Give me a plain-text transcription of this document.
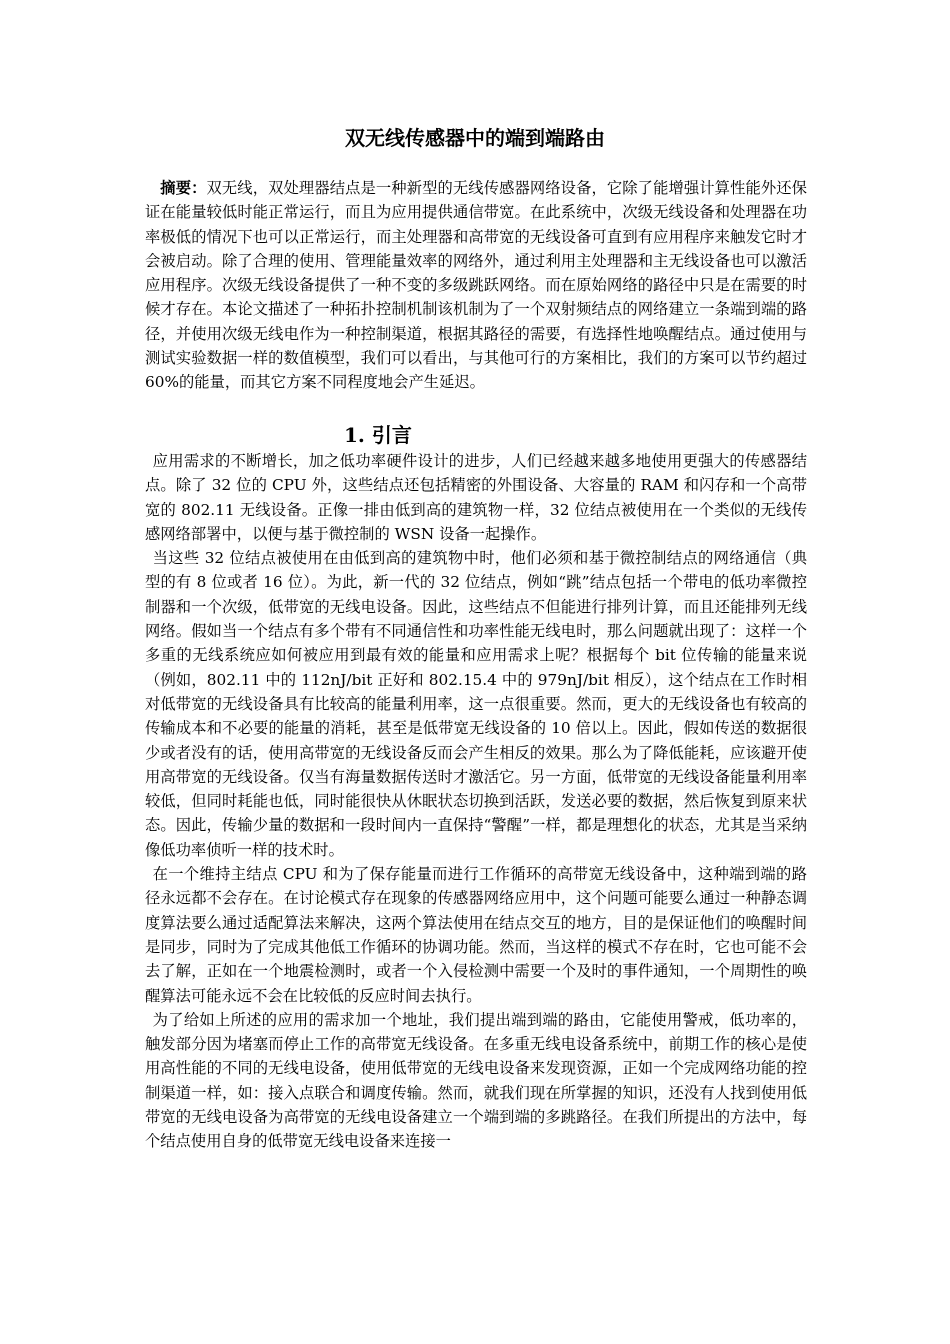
双无线传感器中的端到端路由

摘要：双无线，双处理器结点是一种新型的无线传感器网络设备，它除了能增强计算性能外还保证在能量较低时能正常运行，而且为应用提供通信带宽。在此系统中，次级无线设备和处理器在功率极低的情况下也可以正常运行，而主处理器和高带宽的无线设备可直到有应用程序来触发它时才会被启动。除了合理的使用、管理能量效率的网络外，通过利用主处理器和主无线设备也可以激活应用程序。次级无线设备提供了一种不变的多级跳跃网络。而在原始网络的路径中只是在需要的时候才存在。本论文描述了一种拓扑控制机制该机制为了一个双射频结点的网络建立一条端到端的路径，并使用次级无线电作为一种控制渠道，根据其路径的需要，有选择性地唤醒结点。通过使用与测试实验数据一样的数值模型，我们可以看出，与其他可行的方案相比，我们的方案可以节约超过 60%的能量，而其它方案不同程度地会产生延迟。

1. 引言

应用需求的不断增长，加之低功率硬件设计的进步，人们已经越来越多地使用更强大的传感器结点。除了 32 位的 CPU 外，这些结点还包括精密的外围设备、大容量的 RAM 和闪存和一个高带宽的 802.11 无线设备。正像一排由低到高的建筑物一样，32 位结点被使用在一个类似的无线传感网络部署中，以便与基于微控制的 WSN 设备一起操作。

当这些 32 位结点被使用在由低到高的建筑物中时，他们必须和基于微控制结点的网络通信（典型的有 8 位或者 16 位）。为此，新一代的 32 位结点，例如“跳”结点包括一个带电的低功率微控制器和一个次级，低带宽的无线电设备。因此，这些结点不但能进行排列计算，而且还能排列无线网络。假如当一个结点有多个带有不同通信性和功率性能无线电时，那么问题就出现了：这样一个多重的无线系统应如何被应用到最有效的能量和应用需求上呢？根据每个 bit 位传输的能量来说（例如，802.11 中的 112nJ/bit 正好和 802.15.4 中的 979nJ/bit 相反），这个结点在工作时相对低带宽的无线设备具有比较高的能量利用率，这一点很重要。然而，更大的无线设备也有较高的传输成本和不必要的能量的消耗，甚至是低带宽无线设备的 10 倍以上。因此，假如传送的数据很少或者没有的话，使用高带宽的无线设备反而会产生相反的效果。那么为了降低能耗，应该避开使用高带宽的无线设备。仅当有海量数据传送时才激活它。另一方面，低带宽的无线设备能量利用率较低，但同时耗能也低，同时能很快从休眠状态切换到活跃，发送必要的数据，然后恢复到原来状态。因此，传输少量的数据和一段时间内一直保持“警醒”一样，都是理想化的状态，尤其是当采纳像低功率侦听一样的技术时。

在一个维持主结点 CPU 和为了保存能量而进行工作循环的高带宽无线设备中，这种端到端的路径永远都不会存在。在讨论模式存在现象的传感器网络应用中，这个问题可能要么通过一种静态调度算法要么通过适配算法来解决，这两个算法使用在结点交互的地方，目的是保证他们的唤醒时间是同步，同时为了完成其他低工作循环的协调功能。然而，当这样的模式不存在时，它也可能不会去了解，正如在一个地震检测时，或者一个入侵检测中需要一个及时的事件通知，一个周期性的唤醒算法可能永远不会在比较低的反应时间去执行。

为了给如上所述的应用的需求加一个地址，我们提出端到端的路由，它能使用警戒，低功率的，触发部分因为堵塞而停止工作的高带宽无线设备。在多重无线电设备系统中，前期工作的核心是使用高性能的不同的无线电设备，使用低带宽的无线电设备来发现资源，正如一个完成网络功能的控制渠道一样，如：接入点联合和调度传输。然而，就我们现在所掌握的知识，还没有人找到使用低带宽的无线电设备为高带宽的无线电设备建立一个端到端的多跳路径。在我们所提出的方法中，每个结点使用自身的低带宽无线电设备来连接一
